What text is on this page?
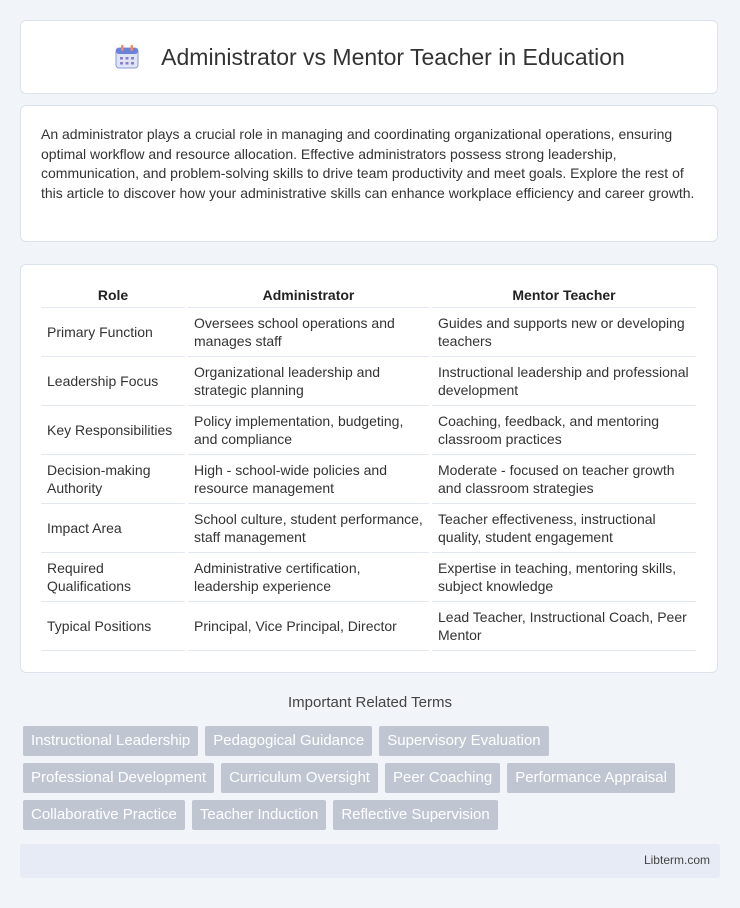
Administrator vs Mentor Teacher in Education

An administrator plays a crucial role in managing and coordinating organizational operations, ensuring optimal workflow and resource allocation. Effective administrators possess strong leadership, communication, and problem-solving skills to drive team productivity and meet goals. Explore the rest of this article to discover how your administrative skills can enhance workplace efficiency and career growth.

Role	Administrator	Mentor Teacher
Primary Function	Oversees school operations and manages staff	Guides and supports new or developing teachers
Leadership Focus	Organizational leadership and strategic planning	Instructional leadership and professional development
Key Responsibilities	Policy implementation, budgeting, and compliance	Coaching, feedback, and mentoring classroom practices
Decision-making Authority	High - school-wide policies and resource management	Moderate - focused on teacher growth and classroom strategies
Impact Area	School culture, student performance, staff management	Teacher effectiveness, instructional quality, student engagement
Required Qualifications	Administrative certification, leadership experience	Expertise in teaching, mentoring skills, subject knowledge
Typical Positions	Principal, Vice Principal, Director	Lead Teacher, Instructional Coach, Peer Mentor
Important Related Terms
Instructional Leadership	Pedagogical Guidance	Supervisory Evaluation
Professional Development	Curriculum Oversight	Peer Coaching	Performance Appraisal
Collaborative Practice	Teacher Induction	Reflective Supervision
Libterm.com
